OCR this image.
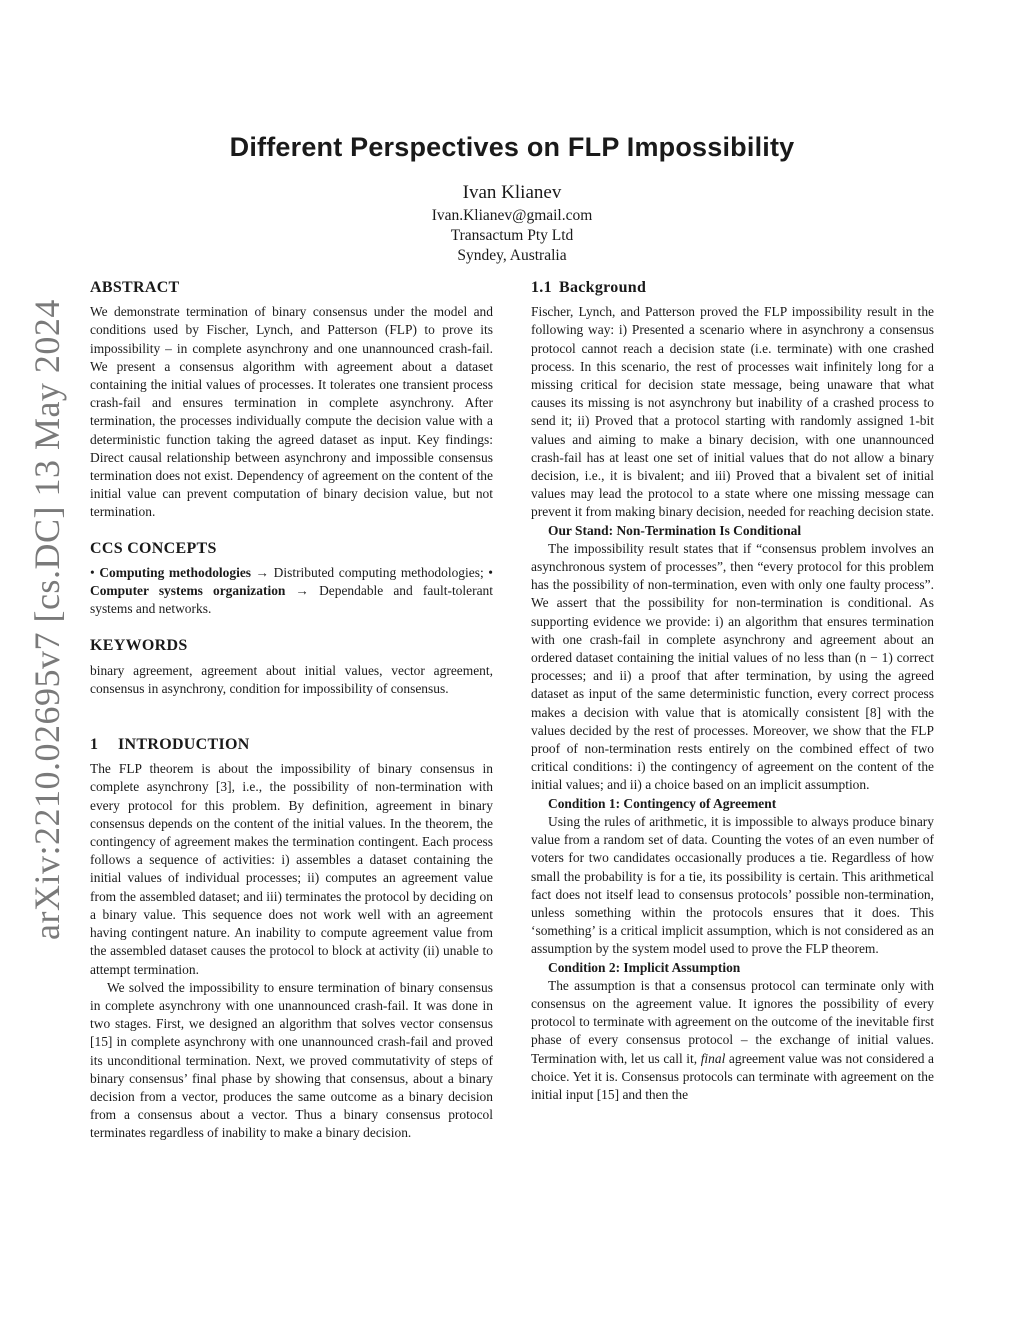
arXiv:2210.02695v7 [cs.DC] 13 May 2024
Different Perspectives on FLP Impossibility
Ivan Klianev
Ivan.Klianev@gmail.com
Transactum Pty Ltd
Syndey, Australia
ABSTRACT

We demonstrate termination of binary consensus under the model and conditions used by Fischer, Lynch, and Patterson (FLP) to prove its impossibility – in complete asynchrony and one unannounced crash-fail. We present a consensus algorithm with agreement about a dataset containing the initial values of processes. It tolerates one transient process crash-fail and ensures termination in complete asynchrony. After termination, the processes individually compute the decision value with a deterministic function taking the agreed dataset as input. Key findings: Direct causal relationship between asynchrony and impossible consensus termination does not exist. Dependency of agreement on the content of the initial value can prevent computation of binary decision value, but not termination.

CCS CONCEPTS

• Computing methodologies → Distributed computing methodologies; • Computer systems organization → Dependable and fault-tolerant systems and networks.

KEYWORDS

binary agreement, agreement about initial values, vector agreement, consensus in asynchrony, condition for impossibility of consensus.

1 INTRODUCTION

The FLP theorem is about the impossibility of binary consensus in complete asynchrony [3], i.e., the possibility of non-termination with every protocol for this problem. By definition, agreement in binary consensus depends on the content of the initial values. In the theorem, the contingency of agreement makes the termination contingent. Each process follows a sequence of activities: i) assembles a dataset containing the initial values of individual processes; ii) computes an agreement value from the assembled dataset; and iii) terminates the protocol by deciding on a binary value. This sequence does not work well with an agreement having contingent nature. An inability to compute agreement value from the assembled dataset causes the protocol to block at activity (ii) unable to attempt termination.

We solved the impossibility to ensure termination of binary consensus in complete asynchrony with one unannounced crash-fail. It was done in two stages. First, we designed an algorithm that solves vector consensus [15] in complete asynchrony with one unannounced crash-fail and proved its unconditional termination. Next, we proved commutativity of steps of binary consensus’ final phase by showing that consensus, about a binary decision from a vector, produces the same outcome as a binary decision from a consensus about a vector. Thus a binary consensus protocol terminates regardless of inability to make a binary decision.

1.1 Background

Fischer, Lynch, and Patterson proved the FLP impossibility result in the following way: i) Presented a scenario where in asynchrony a consensus protocol cannot reach a decision state (i.e. terminate) with one crashed process. In this scenario, the rest of processes wait infinitely long for a missing critical for decision state message, being unaware that what causes its missing is not asynchrony but inability of a crashed process to send it; ii) Proved that a protocol starting with randomly assigned 1-bit values and aiming to make a binary decision, with one unannounced crash-fail has at least one set of initial values that do not allow a binary decision, i.e., it is bivalent; and iii) Proved that a bivalent set of initial values may lead the protocol to a state where one missing message can prevent it from making binary decision, needed for reaching decision state.

Our Stand: Non-Termination Is Conditional

The impossibility result states that if “consensus problem involves an asynchronous system of processes”, then “every protocol for this problem has the possibility of non-termination, even with only one faulty process”. We assert that the possibility for non-termination is conditional. As supporting evidence we provide: i) an algorithm that ensures termination with one crash-fail in complete asynchrony and agreement about an ordered dataset containing the initial values of no less than (n − 1) correct processes; and ii) a proof that after termination, by using the agreed dataset as input of the same deterministic function, every correct process makes a decision with value that is atomically consistent [8] with the values decided by the rest of processes. Moreover, we show that the FLP proof of non-termination rests entirely on the combined effect of two critical conditions: i) the contingency of agreement on the content of the initial values; and ii) a choice based on an implicit assumption.

Condition 1: Contingency of Agreement

Using the rules of arithmetic, it is impossible to always produce binary value from a random set of data. Counting the votes of an even number of voters for two candidates occasionally produces a tie. Regardless of how small the probability is for a tie, its possibility is certain. This arithmetical fact does not itself lead to consensus protocols’ possible non-termination, unless something within the protocols ensures that it does. This ‘something’ is a critical implicit assumption, which is not considered as an assumption by the system model used to prove the FLP theorem.

Condition 2: Implicit Assumption

The assumption is that a consensus protocol can terminate only with consensus on the agreement value. It ignores the possibility of every protocol to terminate with agreement on the outcome of the inevitable first phase of every consensus protocol – the exchange of initial values. Termination with, let us call it, final agreement value was not considered a choice. Yet it is. Consensus protocols can terminate with agreement on the initial input [15] and then the
